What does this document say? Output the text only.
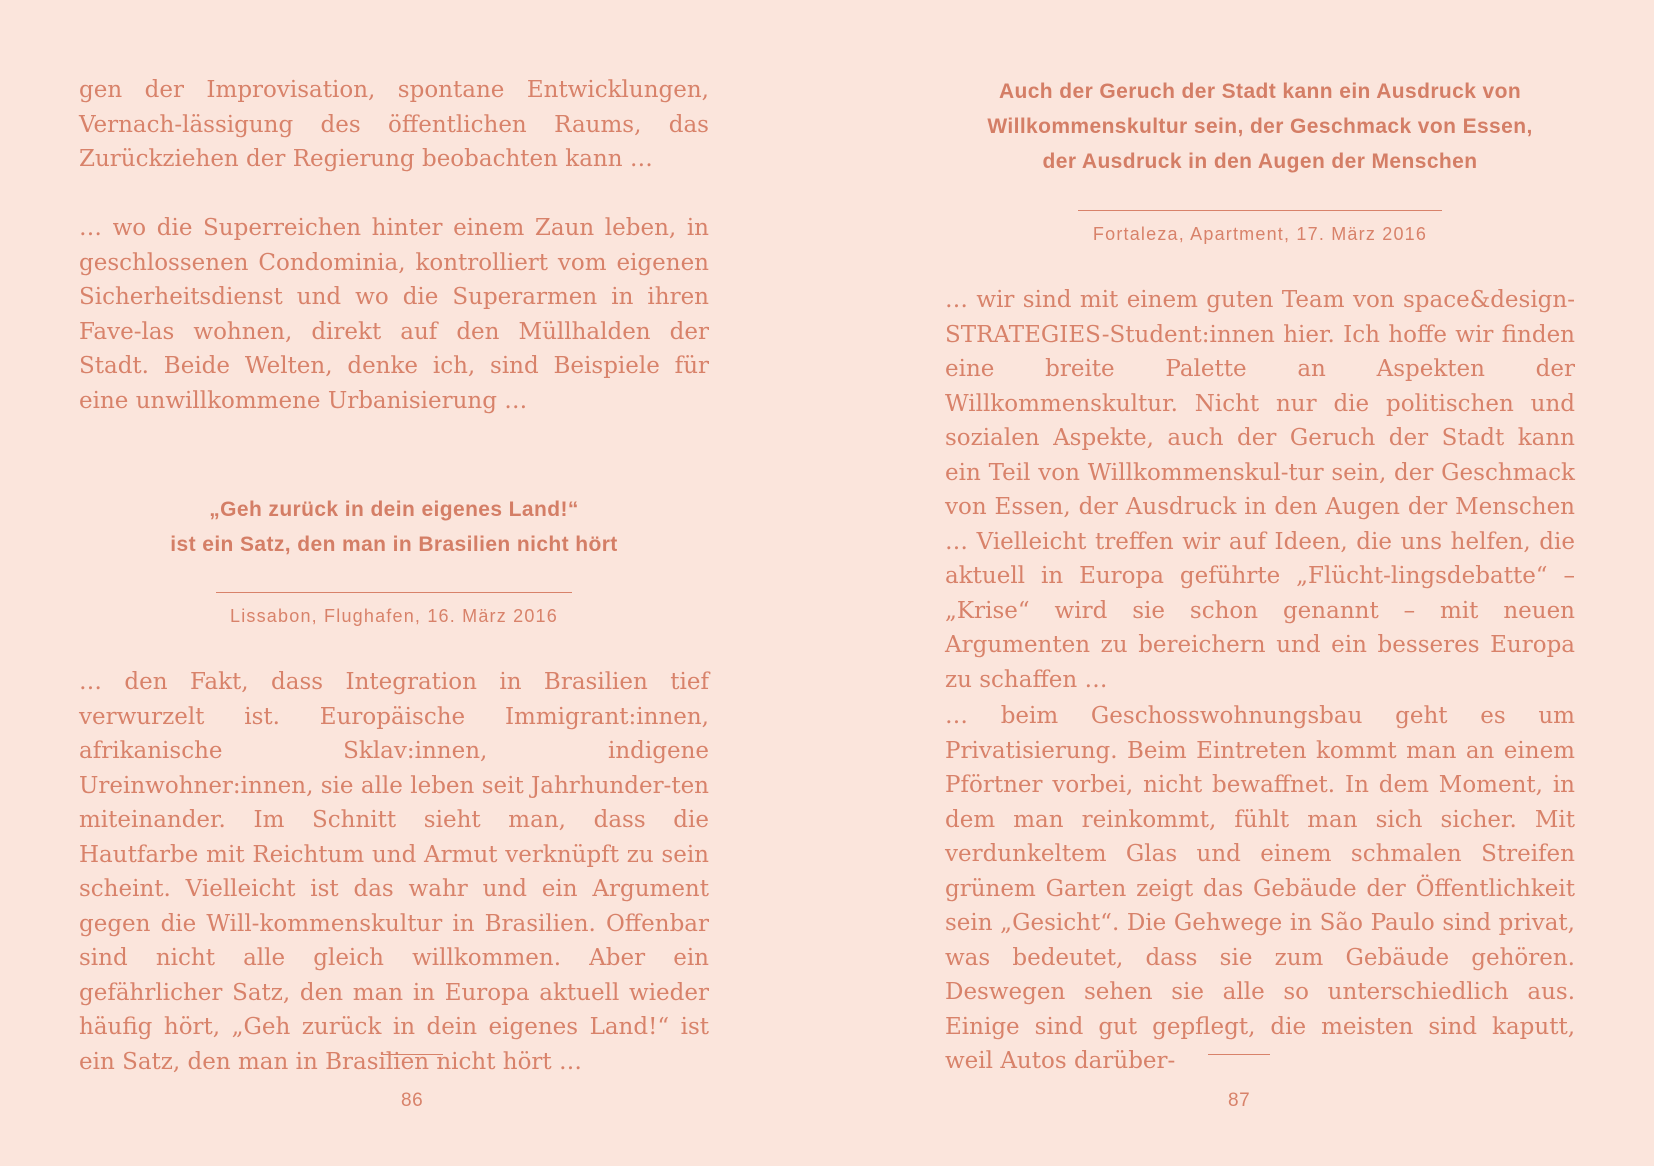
gen der Improvisation, spontane Entwicklungen, Vernach-lässigung des öffentlichen Raums, das Zurückziehen der Regierung beobachten kann …

… wo die Superreichen hinter einem Zaun leben, in geschlossenen Condominia, kontrolliert vom eigenen Sicherheitsdienst und wo die Superarmen in ihren Fave-las wohnen, direkt auf den Müllhalden der Stadt. Beide Welten, denke ich, sind Beispiele für eine unwillkommene Urbanisierung …

„Geh zurück in dein eigenes Land!“

ist ein Satz, den man in Brasilien nicht hört

Lissabon, Flughafen, 16. März 2016

… den Fakt, dass Integration in Brasilien tief verwurzelt ist. Europäische Immigrant:innen, afrikanische Sklav:innen, indigene Ureinwohner:innen, sie alle leben seit Jahrhunder-ten miteinander. Im Schnitt sieht man, dass die Hautfarbe mit Reichtum und Armut verknüpft zu sein scheint. Vielleicht ist das wahr und ein Argument gegen die Will-kommenskultur in Brasilien. Offenbar sind nicht alle gleich willkommen. Aber ein gefährlicher Satz, den man in Europa aktuell wieder häufig hört, „Geh zurück in dein eigenes Land!“ ist ein Satz, den man in Brasilien nicht hört …

86

Auch der Geruch der Stadt kann ein Ausdruck von

Willkommenskultur sein, der Geschmack von Essen,

der Ausdruck in den Augen der Menschen

Fortaleza, Apartment, 17. März 2016

… wir sind mit einem guten Team von space&design-STRATEGIES-Student:innen hier. Ich hoffe wir finden eine breite Palette an Aspekten der Willkommenskultur. Nicht nur die politischen und sozialen Aspekte, auch der Geruch der Stadt kann ein Teil von Willkommenskul-tur sein, der Geschmack von Essen, der Ausdruck in den Augen der Menschen … Vielleicht treffen wir auf Ideen, die uns helfen, die aktuell in Europa geführte „Flücht-lingsdebatte“ – „Krise“ wird sie schon genannt – mit neuen Argumenten zu bereichern und ein besseres Europa zu schaffen …

… beim Geschosswohnungsbau geht es um Privatisierung. Beim Eintreten kommt man an einem Pförtner vorbei, nicht bewaffnet. In dem Moment, in dem man reinkommt, fühlt man sich sicher. Mit verdunkeltem Glas und einem schmalen Streifen grünem Garten zeigt das Gebäude der Öffentlichkeit sein „Gesicht“. Die Gehwege in São Paulo sind privat, was bedeutet, dass sie zum Gebäude gehören. Deswegen sehen sie alle so unterschiedlich aus. Einige sind gut gepflegt, die meisten sind kaputt, weil Autos darüber-

87
